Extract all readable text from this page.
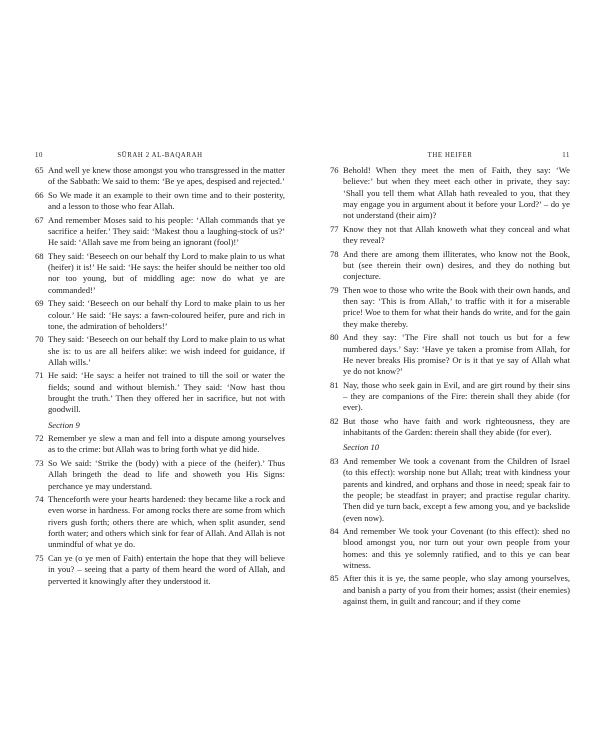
10	SŪRAH 2 AL-BAQARAH
65 And well ye knew those amongst you who transgressed in the matter of the Sabbath: We said to them: ‘Be ye apes, despised and rejected.’
66 So We made it an example to their own time and to their posterity, and a lesson to those who fear Allah.
67 And remember Moses said to his people: ‘Allah commands that ye sacrifice a heifer.’ They said: ‘Makest thou a laughing-stock of us?’ He said: ‘Allah save me from being an ignorant (fool)!’
68 They said: ‘Beseech on our behalf thy Lord to make plain to us what (heifer) it is!’ He said: ‘He says: the heifer should be neither too old nor too young, but of middling age: now do what ye are commanded!’
69 They said: ‘Beseech on our behalf thy Lord to make plain to us her colour.’ He said: ‘He says: a fawn-coloured heifer, pure and rich in tone, the admiration of beholders!’
70 They said: ‘Beseech on our behalf thy Lord to make plain to us what she is: to us are all heifers alike: we wish indeed for guidance, if Allah wills.’
71 He said: ‘He says: a heifer not trained to till the soil or water the fields; sound and without blemish.’ They said: ‘Now hast thou brought the truth.’ Then they offered her in sacrifice, but not with goodwill.
Section 9
72 Remember ye slew a man and fell into a dispute among yourselves as to the crime: but Allah was to bring forth what ye did hide.
73 So We said: ‘Strike the (body) with a piece of the (heifer).’ Thus Allah bringeth the dead to life and showeth you His Signs: perchance ye may understand.
74 Thenceforth were your hearts hardened: they became like a rock and even worse in hardness. For among rocks there are some from which rivers gush forth; others there are which, when split asunder, send forth water; and others which sink for fear of Allah. And Allah is not unmindful of what ye do.
75 Can ye (o ye men of Faith) entertain the hope that they will believe in you? – seeing that a party of them heard the word of Allah, and perverted it knowingly after they understood it.
THE HEIFER	11
76 Behold! When they meet the men of Faith, they say: ‘We believe:’ but when they meet each other in private, they say: ‘Shall you tell them what Allah hath revealed to you, that they may engage you in argument about it before your Lord?’ – do ye not understand (their aim)?
77 Know they not that Allah knoweth what they conceal and what they reveal?
78 And there are among them illiterates, who know not the Book, but (see therein their own) desires, and they do nothing but conjecture.
79 Then woe to those who write the Book with their own hands, and then say: ‘This is from Allah,’ to traffic with it for a miserable price! Woe to them for what their hands do write, and for the gain they make thereby.
80 And they say: ‘The Fire shall not touch us but for a few numbered days.’ Say: ‘Have ye taken a promise from Allah, for He never breaks His promise? Or is it that ye say of Allah what ye do not know?’
81 Nay, those who seek gain in Evil, and are girt round by their sins – they are companions of the Fire: therein shall they abide (for ever).
82 But those who have faith and work righteousness, they are inhabitants of the Garden: therein shall they abide (for ever).
Section 10
83 And remember We took a covenant from the Children of Israel (to this effect): worship none but Allah; treat with kindness your parents and kindred, and orphans and those in need; speak fair to the people; be steadfast in prayer; and practise regular charity. Then did ye turn back, except a few among you, and ye backslide (even now).
84 And remember We took your Covenant (to this effect): shed no blood amongst you, nor turn out your own people from your homes: and this ye solemnly ratified, and to this ye can bear witness.
85 After this it is ye, the same people, who slay among yourselves, and banish a party of you from their homes; assist (their enemies) against them, in guilt and rancour; and if they come
